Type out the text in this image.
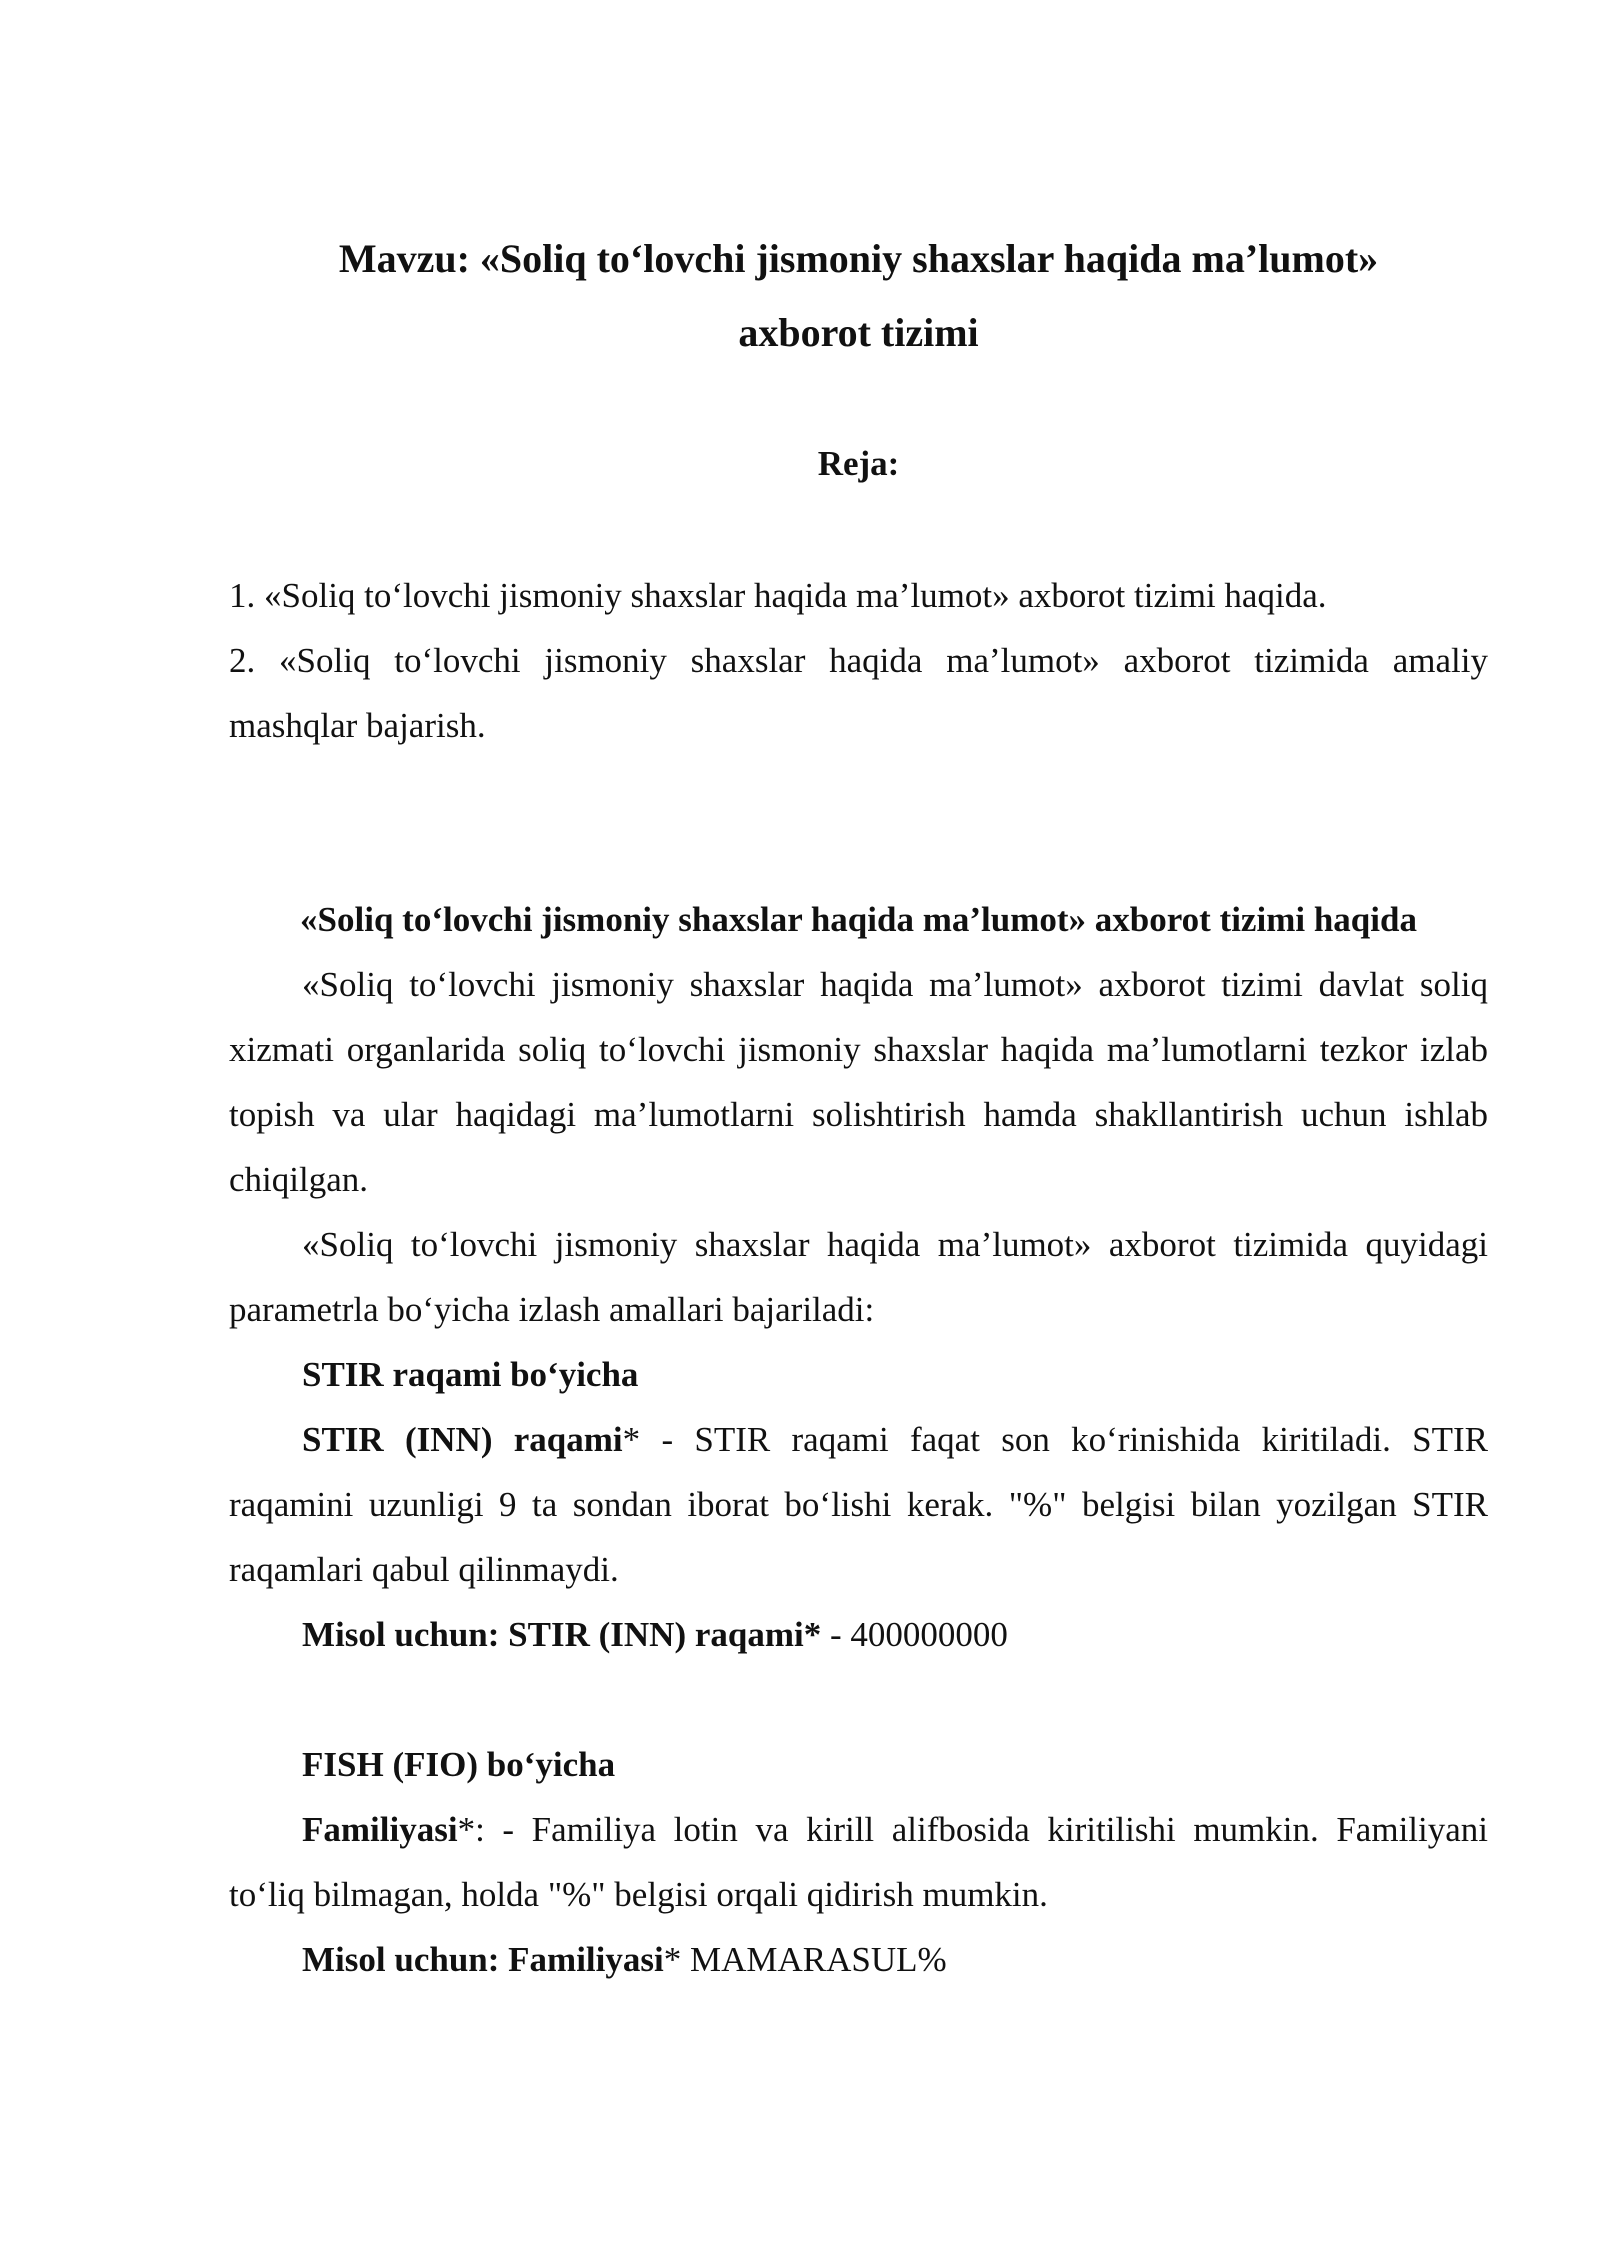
Mavzu: «Soliq to‘lovchi jismoniy shaxslar haqida ma’lumot»
axborot tizimi
Reja:

1. «Soliq to‘lovchi jismoniy shaxslar haqida ma’lumot» axborot tizimi haqida.

2. «Soliq to‘lovchi jismoniy shaxslar haqida ma’lumot» axborot tizimida amaliy mashqlar bajarish.

«Soliq to‘lovchi jismoniy shaxslar haqida ma’lumot» axborot tizimi haqida

«Soliq to‘lovchi jismoniy shaxslar haqida ma’lumot» axborot tizimi davlat soliq xizmati organlarida soliq to‘lovchi jismoniy shaxslar haqida ma’lumotlarni tezkor izlab topish va ular haqidagi ma’lumotlarni solishtirish hamda shakllantirish uchun ishlab chiqilgan.

«Soliq to‘lovchi jismoniy shaxslar haqida ma’lumot» axborot tizimida quyidagi parametrla bo‘yicha izlash amallari bajariladi:

STIR raqami bo‘yicha

STIR (INN) raqami* - STIR raqami faqat son ko‘rinishida kiritiladi. STIR raqamini uzunligi 9 ta sondan iborat bo‘lishi kerak. "%" belgisi bilan yozilgan STIR raqamlari qabul qilinmaydi.

Misol uchun: STIR (INN) raqami* - 400000000

FISH (FIO) bo‘yicha

Familiyasi*: - Familiya lotin va kirill alifbosida kiritilishi mumkin. Familiyani to‘liq bilmagan, holda "%" belgisi orqali qidirish mumkin.

Misol uchun: Familiyasi* MAMARASUL%
